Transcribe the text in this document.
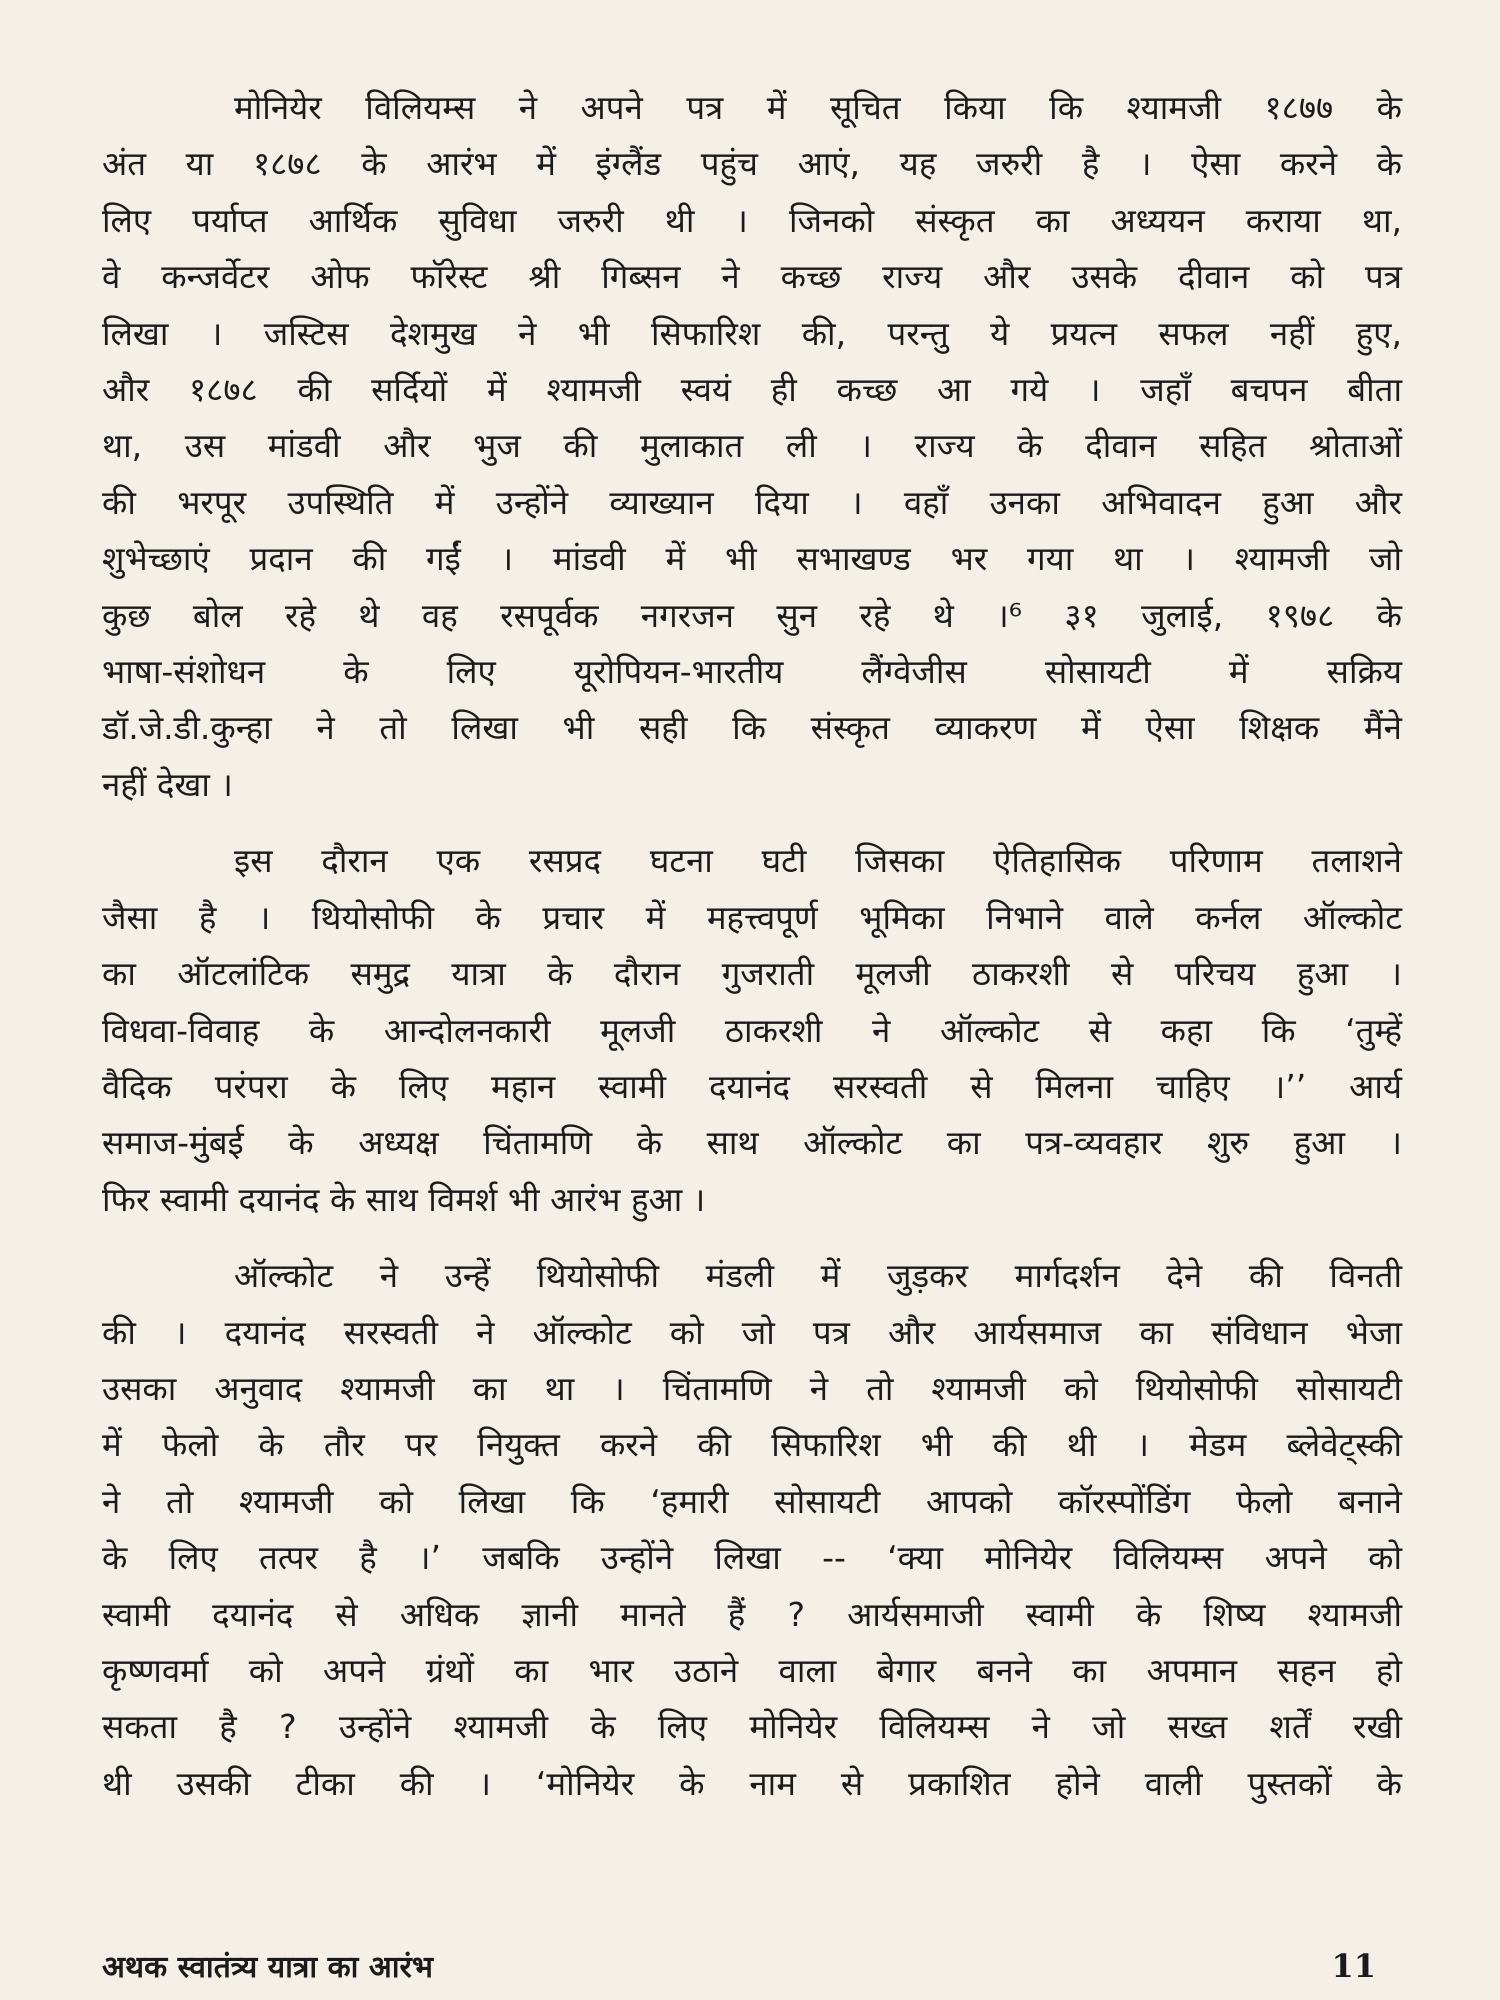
मोनियेर विलियम्स ने अपने पत्र में सूचित किया कि श्यामजी १८७७ के
अंत या १८७८ के आरंभ में इंग्लैंड पहुंच आएं, यह जरुरी है । ऐसा करने के
लिए पर्याप्त आर्थिक सुविधा जरुरी थी । जिनको संस्कृत का अध्ययन कराया था,
वे कन्जर्वेटर ओफ फॉरेस्ट श्री गिब्सन ने कच्छ राज्य और उसके दीवान को पत्र
लिखा । जस्टिस देशमुख ने भी सिफारिश की, परन्तु ये प्रयत्न सफल नहीं हुए,
और १८७८ की सर्दियों में श्यामजी स्वयं ही कच्छ आ गये । जहाँ बचपन बीता
था, उस मांडवी और भुज की मुलाकात ली । राज्य के दीवान सहित श्रोताओं
की भरपूर उपस्थिति में उन्होंने व्याख्यान दिया । वहाँ उनका अभिवादन हुआ और
शुभेच्छाएं प्रदान की गईं । मांडवी में भी सभाखण्ड भर गया था । श्यामजी जो
कुछ बोल रहे थे वह रसपूर्वक नगरजन सुन रहे थे ।⁶ ३१ जुलाई, १९७८ के
भाषा-संशोधन के लिए यूरोपियन-भारतीय लैंग्वेजीस सोसायटी में सक्रिय
डॉ.जे.डी.कुन्हा ने तो लिखा भी सही कि संस्कृत व्याकरण में ऐसा शिक्षक मैंने
नहीं देखा ।

इस दौरान एक रसप्रद घटना घटी जिसका ऐतिहासिक परिणाम तलाशने
जैसा है । थियोसोफी के प्रचार में महत्त्वपूर्ण भूमिका निभाने वाले कर्नल ऑल्कोट
का ऑटलांटिक समुद्र यात्रा के दौरान गुजराती मूलजी ठाकरशी से परिचय हुआ ।
विधवा-विवाह के आन्दोलनकारी मूलजी ठाकरशी ने ऑल्कोट से कहा कि ‘तुम्हें
वैदिक परंपरा के लिए महान स्वामी दयानंद सरस्वती से मिलना चाहिए ।’’ आर्य
समाज-मुंबई के अध्यक्ष चिंतामणि के साथ ऑल्कोट का पत्र-व्यवहार शुरु हुआ ।
फिर स्वामी दयानंद के साथ विमर्श भी आरंभ हुआ ।

ऑल्कोट ने उन्हें थियोसोफी मंडली में जुड़कर मार्गदर्शन देने की विनती
की । दयानंद सरस्वती ने ऑल्कोट को जो पत्र और आर्यसमाज का संविधान भेजा
उसका अनुवाद श्यामजी का था । चिंतामणि ने तो श्यामजी को थियोसोफी सोसायटी
में फेलो के तौर पर नियुक्त करने की सिफारिश भी की थी । मेडम ब्लेवेट्स्की
ने तो श्यामजी को लिखा कि ‘हमारी सोसायटी आपको कॉरस्पोंडिंग फेलो बनाने
के लिए तत्पर है ।’ जबकि उन्होंने लिखा -- ‘क्या मोनियेर विलियम्स अपने को
स्वामी दयानंद से अधिक ज्ञानी मानते हैं ? आर्यसमाजी स्वामी के शिष्य श्यामजी
कृष्णवर्मा को अपने ग्रंथों का भार उठाने वाला बेगार बनने का अपमान सहन हो
सकता है ? उन्होंने श्यामजी के लिए मोनियेर विलियम्स ने जो सख्त शर्तें रखी
थी उसकी टीका की । ‘मोनियेर के नाम से प्रकाशित होने वाली पुस्तकों के

अथक स्वातंत्र्य यात्रा का आरंभ	11
